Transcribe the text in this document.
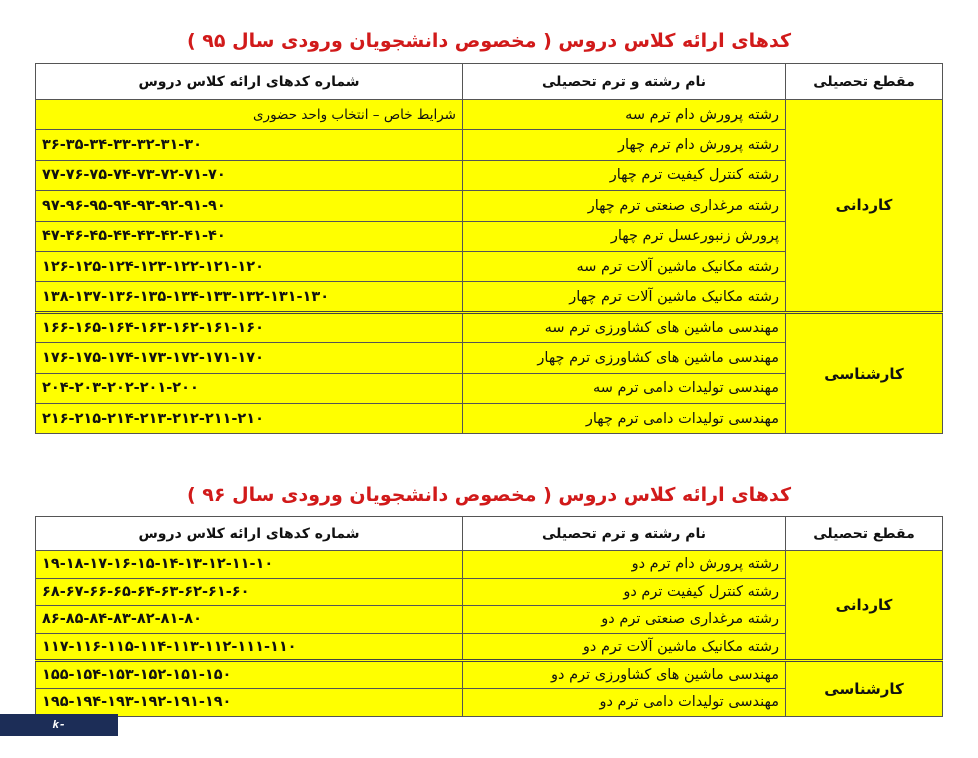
کدهای ارائه کلاس دروس ( مخصوص دانشجویان ورودی سال ۹۵ )
مقطع تحصیلی	نام رشته و ترم تحصیلی	شماره کدهای ارائه کلاس دروس
کاردانی	رشته پرورش دام ترم سه	شرایط خاص – انتخاب واحد حضوری
	رشته پرورش دام ترم چهار	۳۶-۳۵-۳۴-۳۳-۳۲-۳۱-۳۰
	رشته کنترل کیفیت ترم چهار	۷۷-۷۶-۷۵-۷۴-۷۳-۷۲-۷۱-۷۰
	رشته مرغداری صنعتی ترم چهار	۹۷-۹۶-۹۵-۹۴-۹۳-۹۲-۹۱-۹۰
	پرورش زنبورعسل ترم چهار	۴۷-۴۶-۴۵-۴۴-۴۳-۴۲-۴۱-۴۰
	رشته مکانیک ماشین آلات ترم سه	۱۲۶-۱۲۵-۱۲۴-۱۲۳-۱۲۲-۱۲۱-۱۲۰
	رشته مکانیک ماشین آلات ترم چهار	۱۳۸-۱۳۷-۱۳۶-۱۳۵-۱۳۴-۱۳۳-۱۳۲-۱۳۱-۱۳۰
کارشناسی	مهندسی ماشین های کشاورزی ترم سه	۱۶۶-۱۶۵-۱۶۴-۱۶۳-۱۶۲-۱۶۱-۱۶۰
	مهندسی ماشین های کشاورزی ترم چهار	۱۷۶-۱۷۵-۱۷۴-۱۷۳-۱۷۲-۱۷۱-۱۷۰
	مهندسی تولیدات دامی ترم سه	۲۰۴-۲۰۳-۲۰۲-۲۰۱-۲۰۰
	مهندسی تولیدات دامی ترم چهار	۲۱۶-۲۱۵-۲۱۴-۲۱۳-۲۱۲-۲۱۱-۲۱۰
کدهای ارائه کلاس دروس ( مخصوص دانشجویان ورودی سال ۹۶ )
مقطع تحصیلی	نام رشته و ترم تحصیلی	شماره کدهای ارائه کلاس دروس
کاردانی	رشته پرورش دام ترم دو	۱۹-۱۸-۱۷-۱۶-۱۵-۱۴-۱۳-۱۲-۱۱-۱۰
	رشته کنترل کیفیت ترم دو	۶۸-۶۷-۶۶-۶۵-۶۴-۶۳-۶۲-۶۱-۶۰
	رشته مرغداری صنعتی ترم دو	۸۶-۸۵-۸۴-۸۳-۸۲-۸۱-۸۰
	رشته مکانیک ماشین آلات ترم دو	۱۱۷-۱۱۶-۱۱۵-۱۱۴-۱۱۳-۱۱۲-۱۱۱-۱۱۰
کارشناسی	مهندسی ماشین های کشاورزی ترم دو	۱۵۵-۱۵۴-۱۵۳-۱۵۲-۱۵۱-۱۵۰
	مهندسی تولیدات دامی ترم دو	۱۹۵-۱۹۴-۱۹۳-۱۹۲-۱۹۱-۱۹۰
k-shahryar.tvu.ac.ir
